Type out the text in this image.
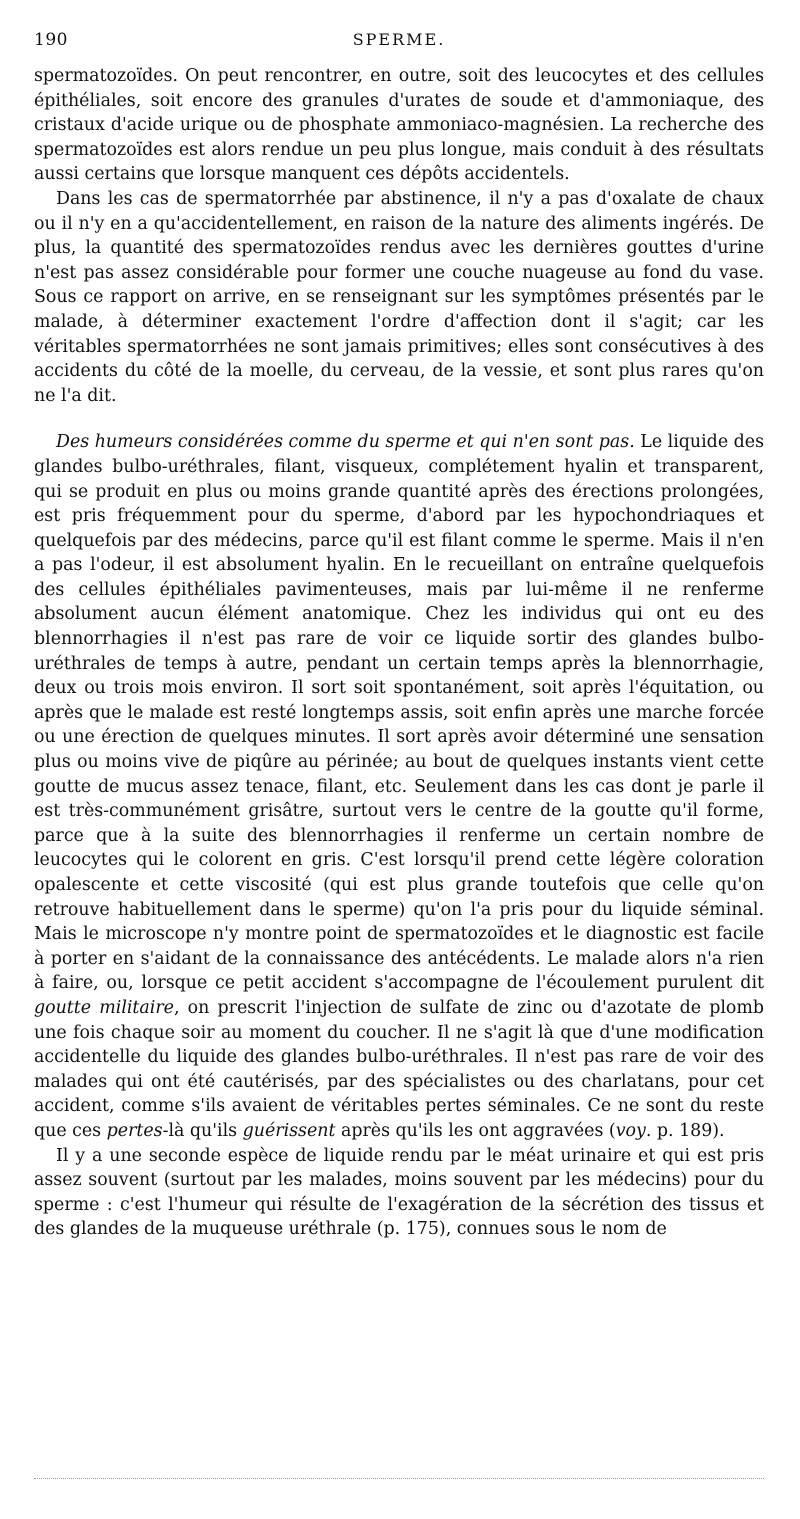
190	SPERME.

spermatozoïdes. On peut rencontrer, en outre, soit des leucocytes et des cellules épithéliales, soit encore des granules d'urates de soude et d'ammoniaque, des cristaux d'acide urique ou de phosphate ammoniaco-magnésien. La recherche des spermatozoïdes est alors rendue un peu plus longue, mais conduit à des résultats aussi certains que lorsque manquent ces dépôts accidentels.

Dans les cas de spermatorrhée par abstinence, il n'y a pas d'oxalate de chaux ou il n'y en a qu'accidentellement, en raison de la nature des aliments ingérés. De plus, la quantité des spermatozoïdes rendus avec les dernières gouttes d'urine n'est pas assez considérable pour former une couche nuageuse au fond du vase. Sous ce rapport on arrive, en se renseignant sur les symptômes présentés par le malade, à déterminer exactement l'ordre d'affection dont il s'agit; car les véritables spermatorrhées ne sont jamais primitives; elles sont consécutives à des accidents du côté de la moelle, du cerveau, de la vessie, et sont plus rares qu'on ne l'a dit.

Des humeurs considérées comme du sperme et qui n'en sont pas. Le liquide des glandes bulbo-uréthrales, filant, visqueux, complétement hyalin et transparent, qui se produit en plus ou moins grande quantité après des érections prolongées, est pris fréquemment pour du sperme, d'abord par les hypochondriaques et quelquefois par des médecins, parce qu'il est filant comme le sperme. Mais il n'en a pas l'odeur, il est absolument hyalin. En le recueillant on entraîne quelquefois des cellules épithéliales pavimenteuses, mais par lui-même il ne renferme absolument aucun élément anatomique. Chez les individus qui ont eu des blennorrhagies il n'est pas rare de voir ce liquide sortir des glandes bulbo-uréthrales de temps à autre, pendant un certain temps après la blennorrhagie, deux ou trois mois environ. Il sort soit spontanément, soit après l'équitation, ou après que le malade est resté longtemps assis, soit enfin après une marche forcée ou une érection de quelques minutes. Il sort après avoir déterminé une sensation plus ou moins vive de piqûre au périnée; au bout de quelques instants vient cette goutte de mucus assez tenace, filant, etc. Seulement dans les cas dont je parle il est très-communément grisâtre, surtout vers le centre de la goutte qu'il forme, parce que à la suite des blennorrhagies il renferme un certain nombre de leucocytes qui le colorent en gris. C'est lorsqu'il prend cette légère coloration opalescente et cette viscosité (qui est plus grande toutefois que celle qu'on retrouve habituellement dans le sperme) qu'on l'a pris pour du liquide séminal. Mais le microscope n'y montre point de spermatozoïdes et le diagnostic est facile à porter en s'aidant de la connaissance des antécédents. Le malade alors n'a rien à faire, ou, lorsque ce petit accident s'accompagne de l'écoulement purulent dit goutte militaire, on prescrit l'injection de sulfate de zinc ou d'azotate de plomb une fois chaque soir au moment du coucher. Il ne s'agit là que d'une modification accidentelle du liquide des glandes bulbo-uréthrales. Il n'est pas rare de voir des malades qui ont été cautérisés, par des spécialistes ou des charlatans, pour cet accident, comme s'ils avaient de véritables pertes séminales. Ce ne sont du reste que ces pertes-là qu'ils guérissent après qu'ils les ont aggravées (voy. p. 189).

Il y a une seconde espèce de liquide rendu par le méat urinaire et qui est pris assez souvent (surtout par les malades, moins souvent par les médecins) pour du sperme : c'est l'humeur qui résulte de l'exagération de la sécrétion des tissus et des glandes de la muqueuse uréthrale (p. 175), connues sous le nom de
